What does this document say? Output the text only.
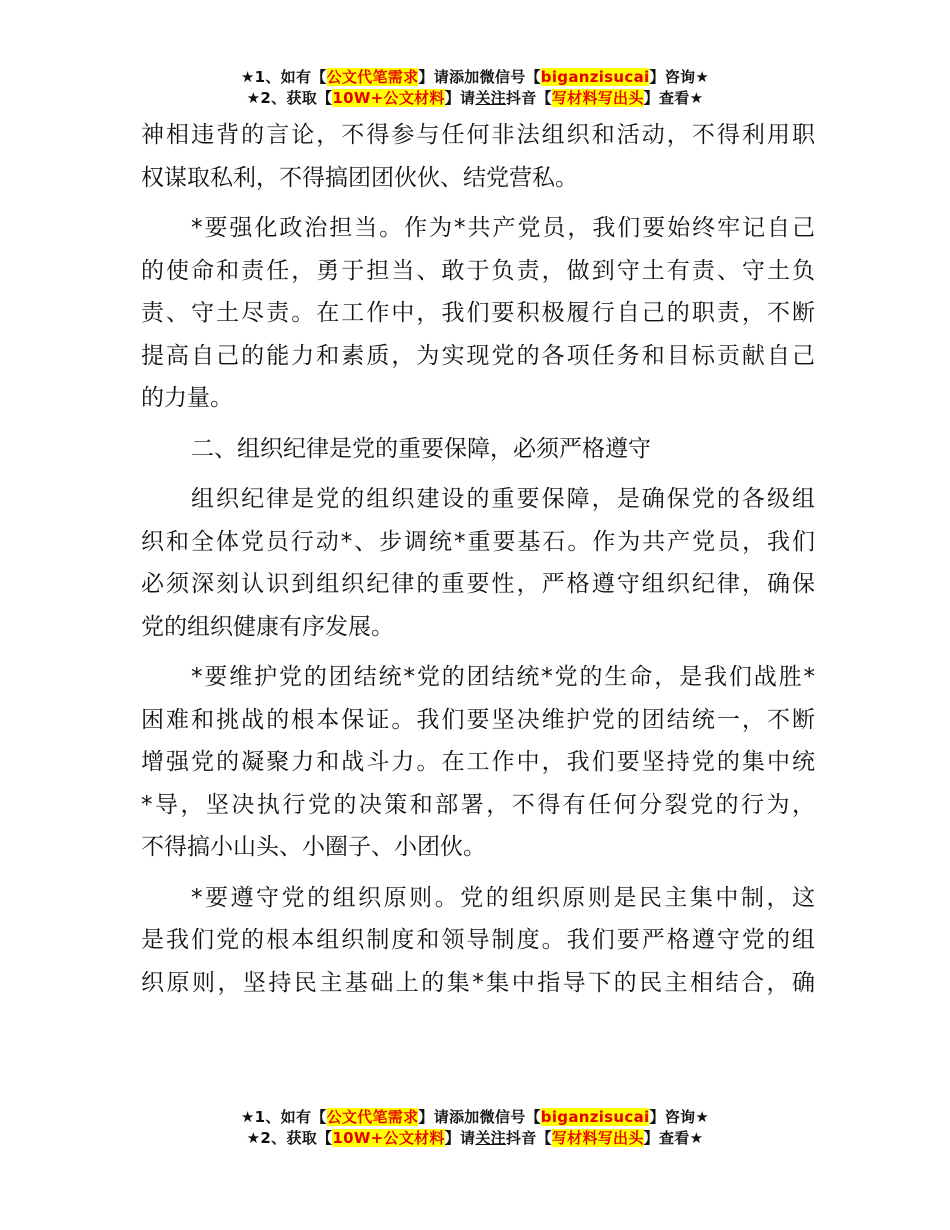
★1、如有【公文代笔需求】请添加微信号【biganzisucai】咨询★
★2、获取【10W+公文材料】请关注抖音【写材料写出头】查看★

神相违背的言论，不得参与任何非法组织和活动，不得利用职
权谋取私利，不得搞团团伙伙、结党营私。

*要强化政治担当。作为*共产党员，我们要始终牢记自己
的使命和责任，勇于担当、敢于负责，做到守土有责、守土负
责、守土尽责。在工作中，我们要积极履行自己的职责，不断
提高自己的能力和素质，为实现党的各项任务和目标贡献自己
的力量。

二、组织纪律是党的重要保障，必须严格遵守

组织纪律是党的组织建设的重要保障，是确保党的各级组
织和全体党员行动*、步调统*重要基石。作为共产党员，我们
必须深刻认识到组织纪律的重要性，严格遵守组织纪律，确保
党的组织健康有序发展。

*要维护党的团结统*党的团结统*党的生命，是我们战胜*
困难和挑战的根本保证。我们要坚决维护党的团结统一，不断
增强党的凝聚力和战斗力。在工作中，我们要坚持党的集中统
*导，坚决执行党的决策和部署，不得有任何分裂党的行为，
不得搞小山头、小圈子、小团伙。

*要遵守党的组织原则。党的组织原则是民主集中制，这
是我们党的根本组织制度和领导制度。我们要严格遵守党的组
织原则，坚持民主基础上的集*集中指导下的民主相结合，确

★1、如有【公文代笔需求】请添加微信号【biganzisucai】咨询★
★2、获取【10W+公文材料】请关注抖音【写材料写出头】查看★
